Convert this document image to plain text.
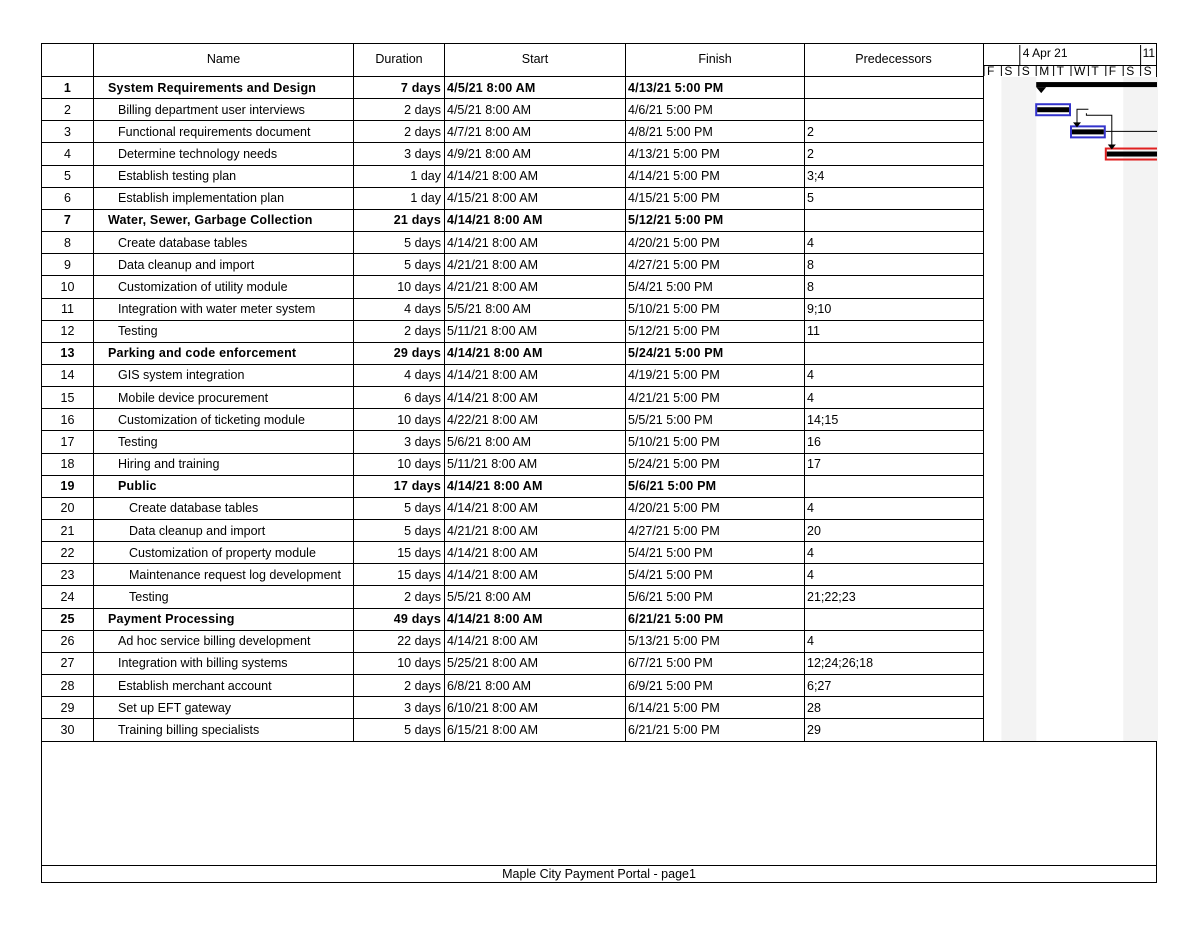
Name	Duration	Start	Finish	Predecessors
1	System Requirements and Design	7 days 4/5/21 8:00 AM	4/13/21 5:00 PM
2	Billing department user interviews	2 days 4/5/21 8:00 AM	4/6/21 5:00 PM
3	Functional requirements document	2 days 4/7/21 8:00 AM	4/8/21 5:00 PM	2
4	Determine technology needs	3 days 4/9/21 8:00 AM	4/13/21 5:00 PM	2
5	Establish testing plan	1 day 4/14/21 8:00 AM	4/14/21 5:00 PM	3;4
6	Establish implementation plan	1 day 4/15/21 8:00 AM	4/15/21 5:00 PM	5
7	Water, Sewer, Garbage Collection	21 days 4/14/21 8:00 AM	5/12/21 5:00 PM
8	Create database tables	5 days 4/14/21 8:00 AM	4/20/21 5:00 PM	4
9	Data cleanup and import	5 days 4/21/21 8:00 AM	4/27/21 5:00 PM	8
10	Customization of utility module	10 days 4/21/21 8:00 AM	5/4/21 5:00 PM	8
11	Integration with water meter system	4 days 5/5/21 8:00 AM	5/10/21 5:00 PM	9;10
12	Testing	2 days 5/11/21 8:00 AM	5/12/21 5:00 PM	11
13	Parking and code enforcement	29 days 4/14/21 8:00 AM	5/24/21 5:00 PM
14	GIS system integration	4 days 4/14/21 8:00 AM	4/19/21 5:00 PM	4
15	Mobile device procurement	6 days 4/14/21 8:00 AM	4/21/21 5:00 PM	4
16	Customization of ticketing module	10 days 4/22/21 8:00 AM	5/5/21 5:00 PM	14;15
17	Testing	3 days 5/6/21 8:00 AM	5/10/21 5:00 PM	16
18	Hiring and training	10 days 5/11/21 8:00 AM	5/24/21 5:00 PM	17
19	Public	17 days 4/14/21 8:00 AM	5/6/21 5:00 PM
20	Create database tables	5 days 4/14/21 8:00 AM	4/20/21 5:00 PM	4
21	Data cleanup and import	5 days 4/21/21 8:00 AM	4/27/21 5:00 PM	20
22	Customization of property module	15 days 4/14/21 8:00 AM	5/4/21 5:00 PM	4
23	Maintenance request log development	15 days 4/14/21 8:00 AM	5/4/21 5:00 PM	4
24	Testing	2 days 5/5/21 8:00 AM	5/6/21 5:00 PM	21;22;23
25	Payment Processing	49 days 4/14/21 8:00 AM	6/21/21 5:00 PM
26	Ad hoc service billing development	22 days 4/14/21 8:00 AM	5/13/21 5:00 PM	4
27	Integration with billing systems	10 days 5/25/21 8:00 AM	6/7/21 5:00 PM	12;24;26;18
28	Establish merchant account	2 days 6/8/21 8:00 AM	6/9/21 5:00 PM	6;27
29	Set up EFT gateway	3 days 6/10/21 8:00 AM	6/14/21 5:00 PM	28
30	Training billing specialists	5 days 6/15/21 8:00 AM	6/21/21 5:00 PM	29
F S S M T W T F S S
4 Apr 21	11
Maple City Payment Portal - page1
